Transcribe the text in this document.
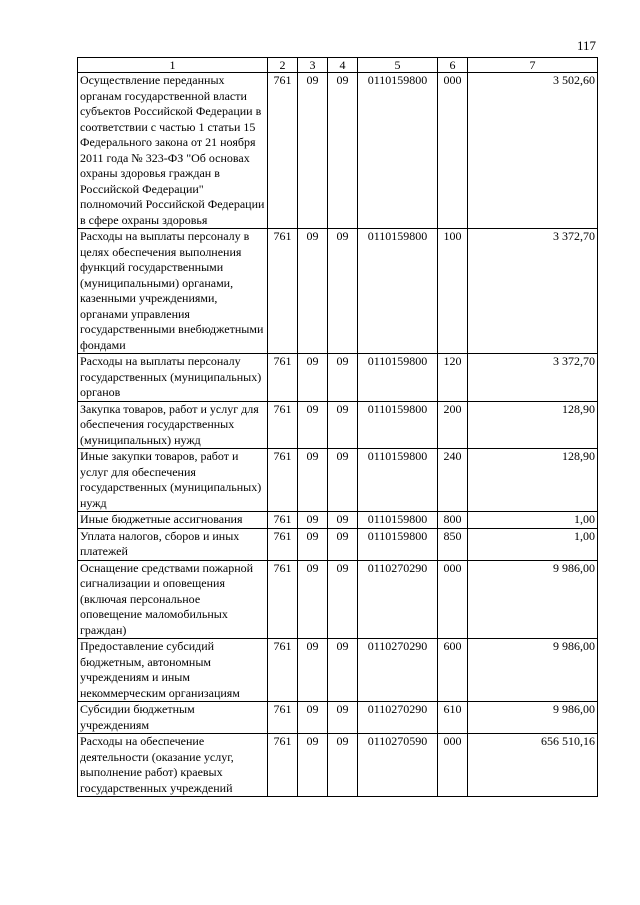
117
1	2	3	4	5	6	7
Осуществление переданных органам государственной власти субъектов Российской Федерации в соответствии с частью 1 статьи 15 Федерального закона от 21 ноября 2011 года № 323-ФЗ "Об основах охраны здоровья граждан в Российской Федерации" полномочий Российской Федерации в сфере охраны здоровья	761	09	09	0110159800	000	3 502,60
Расходы на выплаты персоналу в целях обеспечения выполнения функций государственными (муниципальными) органами, казенными учреждениями, органами управления государственными внебюджетными фондами	761	09	09	0110159800	100	3 372,70
Расходы на выплаты персоналу государственных (муниципальных) органов	761	09	09	0110159800	120	3 372,70
Закупка товаров, работ и услуг для обеспечения государственных (муниципальных) нужд	761	09	09	0110159800	200	128,90
Иные закупки товаров, работ и услуг для обеспечения государственных (муниципальных) нужд	761	09	09	0110159800	240	128,90
Иные бюджетные ассигнования	761	09	09	0110159800	800	1,00
Уплата налогов, сборов и иных платежей	761	09	09	0110159800	850	1,00
Оснащение средствами пожарной сигнализации и оповещения (включая персональное оповещение маломобильных граждан)	761	09	09	0110270290	000	9 986,00
Предоставление субсидий бюджетным, автономным учреждениям и иным некоммерческим организациям	761	09	09	0110270290	600	9 986,00
Субсидии бюджетным учреждениям	761	09	09	0110270290	610	9 986,00
Расходы на обеспечение деятельности (оказание услуг, выполнение работ) краевых государственных учреждений	761	09	09	0110270590	000	656 510,16
